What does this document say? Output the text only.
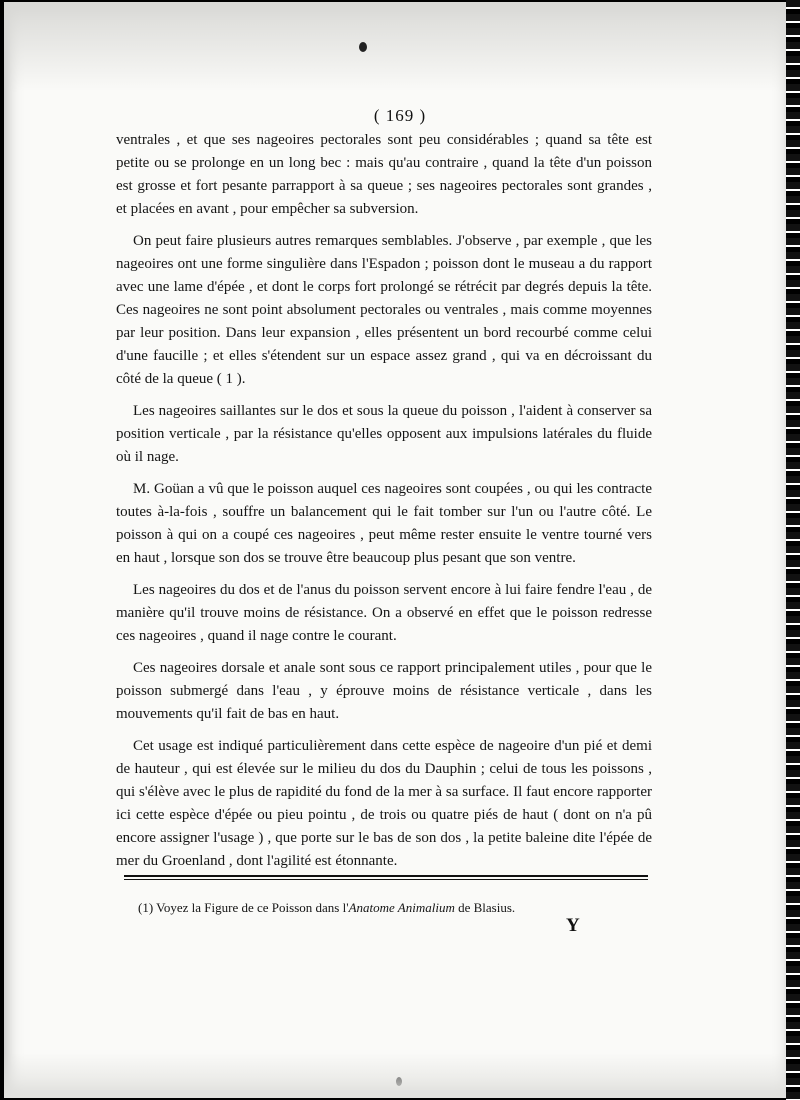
( 169 )

ventrales , et que ses nageoires pectorales sont peu considérables ; quand sa tête est petite ou se prolonge en un long bec : mais qu'au contraire , quand la tête d'un poisson est grosse et fort pesante parrapport à sa queue ; ses nageoires pectorales sont grandes , et placées en avant , pour empêcher sa subversion.

On peut faire plusieurs autres remarques semblables. J'observe , par exemple , que les nageoires ont une forme singulière dans l'Espadon ; poisson dont le museau a du rapport avec une lame d'épée , et dont le corps fort prolongé se rétrécit par degrés depuis la tête. Ces nageoires ne sont point absolument pectorales ou ventrales , mais comme moyennes par leur position. Dans leur expansion , elles présentent un bord recourbé comme celui d'une faucille ; et elles s'étendent sur un espace assez grand , qui va en décroissant du côté de la queue ( 1 ).

Les nageoires saillantes sur le dos et sous la queue du poisson , l'aident à conserver sa position verticale , par la résistance qu'elles opposent aux impulsions latérales du fluide où il nage.

M. Goüan a vû que le poisson auquel ces nageoires sont coupées , ou qui les contracte toutes à-la-fois , souffre un balancement qui le fait tomber sur l'un ou l'autre côté. Le poisson à qui on a coupé ces nageoires , peut même rester ensuite le ventre tourné vers en haut , lorsque son dos se trouve être beaucoup plus pesant que son ventre.

Les nageoires du dos et de l'anus du poisson servent encore à lui faire fendre l'eau , de manière qu'il trouve moins de résistance. On a observé en effet que le poisson redresse ces nageoires , quand il nage contre le courant.

Ces nageoires dorsale et anale sont sous ce rapport principalement utiles , pour que le poisson submergé dans l'eau , y éprouve moins de résistance verticale , dans les mouvements qu'il fait de bas en haut.

Cet usage est indiqué particulièrement dans cette espèce de nageoire d'un pié et demi de hauteur , qui est élevée sur le milieu du dos du Dauphin ; celui de tous les poissons , qui s'élève avec le plus de rapidité du fond de la mer à sa surface. Il faut encore rapporter ici cette espèce d'épée ou pieu pointu , de trois ou quatre piés de haut ( dont on n'a pû encore assigner l'usage ) , que porte sur le bas de son dos , la petite baleine dite l'épée de mer du Groenland , dont l'agilité est étonnante.

(1) Voyez la Figure de ce Poisson dans l'Anatome Animalium de Blasius.
Y
